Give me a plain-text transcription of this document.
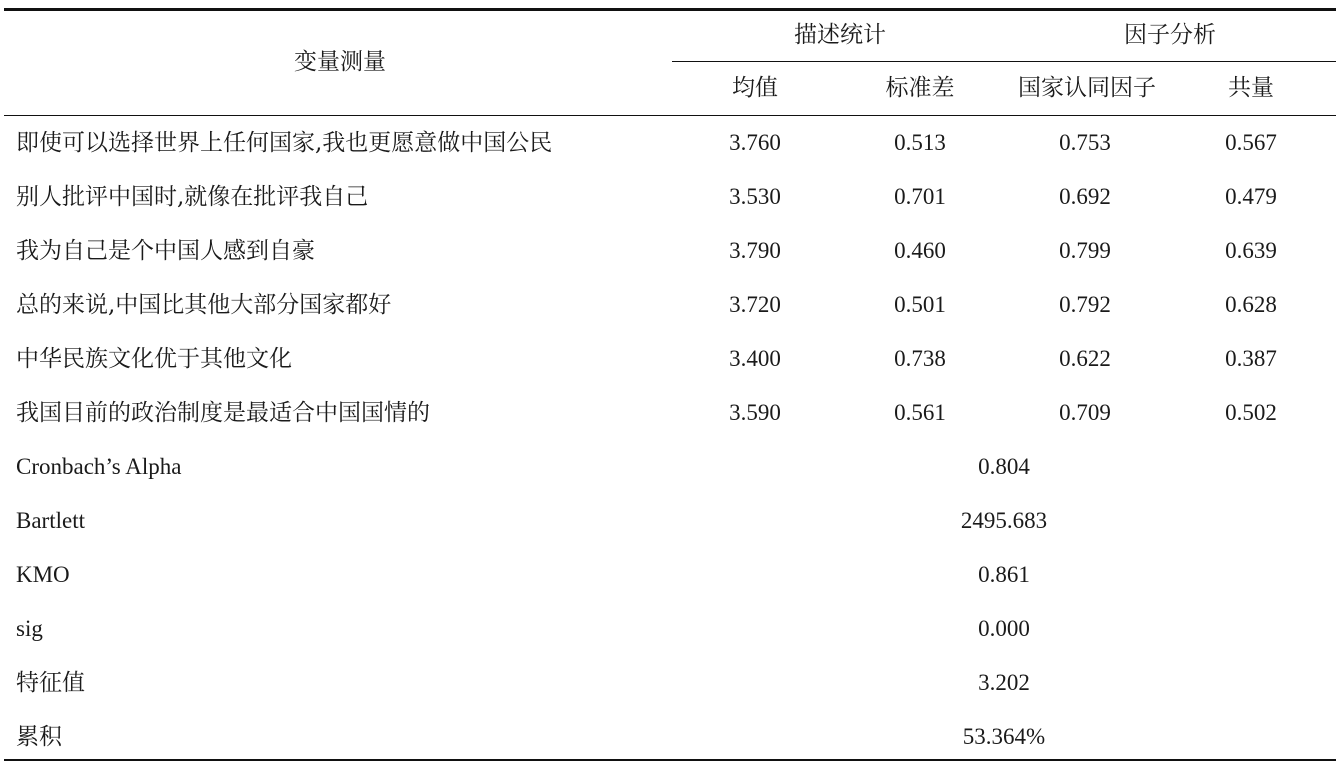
变量测量
描述统计	因子分析
均值	标准差	国家认同因子	共量
即使可以选择世界上任何国家,我也更愿意做中国公民	3.760	0.513	0.753	0.567
别人批评中国时,就像在批评我自己	3.530	0.701	0.692	0.479
我为自己是个中国人感到自豪	3.790	0.460	0.799	0.639
总的来说,中国比其他大部分国家都好	3.720	0.501	0.792	0.628
中华民族文化优于其他文化	3.400	0.738	0.622	0.387
我国目前的政治制度是最适合中国国情的	3.590	0.561	0.709	0.502
Cronbach’s Alpha	0.804
Bartlett	2495.683
KMO	0.861
sig	0.000
特征值	3.202
累积	53.364%
